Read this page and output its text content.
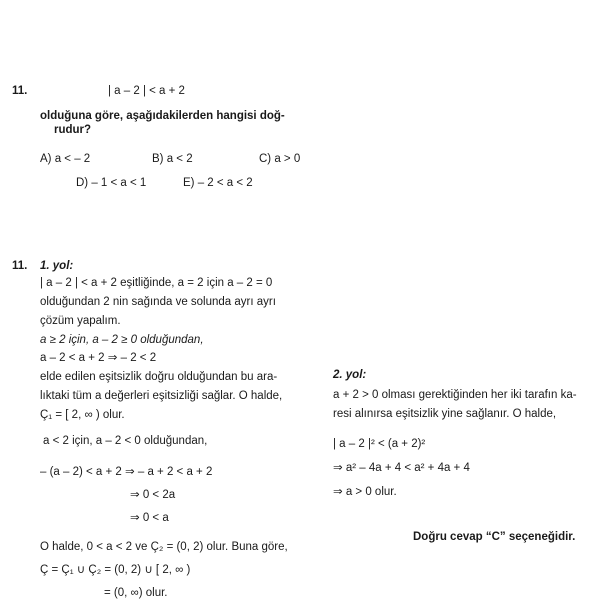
11.	| a – 2 | < a + 2
olduğuna göre, aşağıdakilerden hangisi doğ-
rudur?
A) a < – 2	B) a < 2	C) a > 0
D) – 1 < a < 1	E) – 2 < a < 2
11. 1. yol:
| a – 2 | < a + 2 eşitliğinde, a = 2 için a – 2 = 0
olduğundan 2 nin sağında ve solunda ayrı ayrı
çözüm yapalım.
a ≥ 2 için, a – 2 ≥ 0 olduğundan,
a – 2 < a + 2 ⇒ – 2 < 2
elde edilen eşitsizlik doğru olduğundan bu ara-
lıktaki tüm a değerleri eşitsizliği sağlar. O halde,
Ç₁ = [ 2, ∞ ) olur.
a < 2 için, a – 2 < 0 olduğundan,
– (a – 2) < a + 2 ⇒ – a + 2 < a + 2
⇒ 0 < 2a
⇒ 0 < a
O halde, 0 < a < 2 ve Ç₂ = (0, 2) olur. Buna göre,
Ç = Ç₁ ∪ Ç₂ = (0, 2) ∪ [ 2, ∞ )
= (0, ∞) olur.
2. yol:
a + 2 > 0 olması gerektiğinden her iki tarafın ka-
resi alınırsa eşitsizlik yine sağlanır. O halde,
| a – 2 |² < (a + 2)²
⇒ a² – 4a + 4 < a² + 4a + 4
⇒ a > 0 olur.
Doğru cevap “C” seçeneğidir.
